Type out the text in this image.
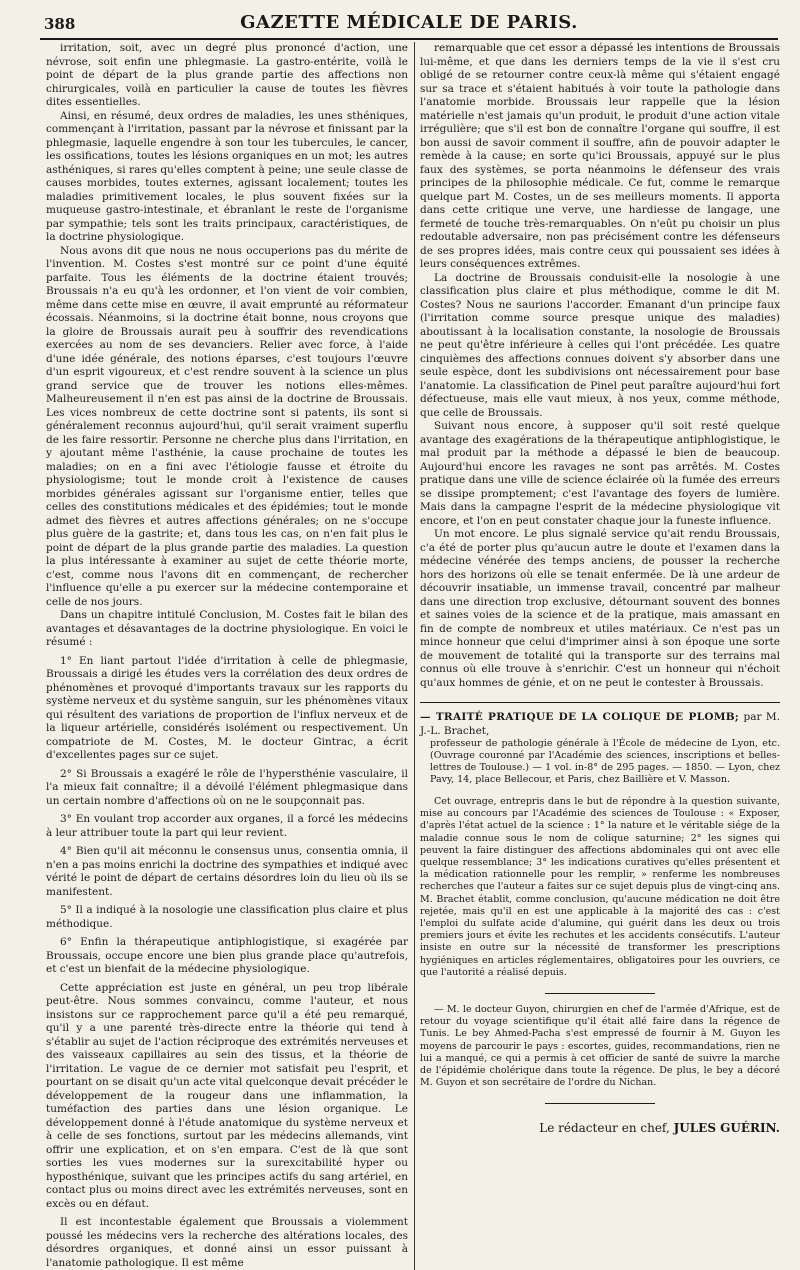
388	GAZETTE MÉDICALE DE PARIS.

irritation, soit, avec un degré plus prononcé d'action, une névrose, soit enfin une phlegmasie. La gastro-entérite, voilà le point de départ de la plus grande partie des affections non chirurgicales, voilà en particulier la cause de toutes les fièvres dites essentielles.

Ainsi, en résumé, deux ordres de maladies, les unes sthéniques, commençant à l'irritation, passant par la névrose et finissant par la phlegmasie, laquelle engendre à son tour les tubercules, le cancer, les ossifications, toutes les lésions organiques en un mot; les autres asthéniques, si rares qu'elles comptent à peine; une seule classe de causes morbides, toutes externes, agissant localement; toutes les maladies primitivement locales, le plus souvent fixées sur la muqueuse gastro-intestinale, et ébranlant le reste de l'organisme par sympathie; tels sont les traits principaux, caractéristiques, de la doctrine physiologique.

Nous avons dit que nous ne nous occuperions pas du mérite de l'invention. M. Costes s'est montré sur ce point d'une équité parfaite. Tous les éléments de la doctrine étaient trouvés; Broussais n'a eu qu'à les ordonner, et l'on vient de voir combien, même dans cette mise en œuvre, il avait emprunté au réformateur écossais. Néanmoins, si la doctrine était bonne, nous croyons que la gloire de Broussais aurait peu à souffrir des revendications exercées au nom de ses devanciers. Relier avec force, à l'aide d'une idée générale, des notions éparses, c'est toujours l'œuvre d'un esprit vigoureux, et c'est rendre souvent à la science un plus grand service que de trouver les notions elles-mêmes. Malheureusement il n'en est pas ainsi de la doctrine de Broussais. Les vices nombreux de cette doctrine sont si patents, ils sont si généralement reconnus aujourd'hui, qu'il serait vraiment superflu de les faire ressortir. Personne ne cherche plus dans l'irritation, en y ajoutant même l'asthénie, la cause prochaine de toutes les maladies; on en a fini avec l'étiologie fausse et étroite du physiologisme; tout le monde croit à l'existence de causes morbides générales agissant sur l'organisme entier, telles que celles des constitutions médicales et des épidémies; tout le monde admet des fièvres et autres affections générales; on ne s'occupe plus guère de la gastrite; et, dans tous les cas, on n'en fait plus le point de départ de la plus grande partie des maladies. La question la plus intéressante à examiner au sujet de cette théorie morte, c'est, comme nous l'avons dit en commençant, de rechercher l'influence qu'elle a pu exercer sur la médecine contemporaine et celle de nos jours.

Dans un chapitre intitulé Conclusion, M. Costes fait le bilan des avantages et désavantages de la doctrine physiologique. En voici le résumé :

1° En liant partout l'idée d'irritation à celle de phlegmasie, Broussais a dirigé les études vers la corrélation des deux ordres de phénomènes et provoqué d'importants travaux sur les rapports du système nerveux et du système sanguin, sur les phénomènes vitaux qui résultent des variations de proportion de l'influx nerveux et de la liqueur artérielle, considérés isolément ou respectivement. Un compatriote de M. Costes, M. le docteur Gintrac, a écrit d'excellentes pages sur ce sujet.

2° Si Broussais a exagéré le rôle de l'hypersthénie vasculaire, il l'a mieux fait connaître; il a dévoilé l'élément phlegmasique dans un certain nombre d'affections où on ne le soupçonnait pas.

3° En voulant trop accorder aux organes, il a forcé les médecins à leur attribuer toute la part qui leur revient.

4° Bien qu'il ait méconnu le consensus unus, consentia omnia, il n'en a pas moins enrichi la doctrine des sympathies et indiqué avec vérité le point de départ de certains désordres loin du lieu où ils se manifestent.

5° Il a indiqué à la nosologie une classification plus claire et plus méthodique.

6° Enfin la thérapeutique antiphlogistique, si exagérée par Broussais, occupe encore une bien plus grande place qu'autrefois, et c'est un bienfait de la médecine physiologique.

Cette appréciation est juste en général, un peu trop libérale peut-être. Nous sommes convaincu, comme l'auteur, et nous insistons sur ce rapprochement parce qu'il a été peu remarqué, qu'il y a une parenté très-directe entre la théorie qui tend à s'établir au sujet de l'action réciproque des extrémités nerveuses et des vaisseaux capillaires au sein des tissus, et la théorie de l'irritation. Le vague de ce dernier mot satisfait peu l'esprit, et pourtant on se disait qu'un acte vital quelconque devait précéder le développement de la rougeur dans une inflammation, la tuméfaction des parties dans une lésion organique. Le développement donné à l'étude anatomique du système nerveux et à celle de ses fonctions, surtout par les médecins allemands, vint offrir une explication, et on s'en empara. C'est de là que sont sorties les vues modernes sur la surexcitabilité hyper ou hyposthénique, suivant que les principes actifs du sang artériel, en contact plus ou moins direct avec les extrémités nerveuses, sont en excès ou en défaut.

Il est incontestable également que Broussais a violemment poussé les médecins vers la recherche des altérations locales, des désordres organiques, et donné ainsi un essor puissant à l'anatomie pathologique. Il est même

remarquable que cet essor a dépassé les intentions de Broussais lui-même, et que dans les derniers temps de la vie il s'est cru obligé de se retourner contre ceux-là même qui s'étaient engagé sur sa trace et s'étaient habitués à voir toute la pathologie dans l'anatomie morbide. Broussais leur rappelle que la lésion matérielle n'est jamais qu'un produit, le produit d'une action vitale irrégulière; que s'il est bon de connaître l'organe qui souffre, il est bon aussi de savoir comment il souffre, afin de pouvoir adapter le remède à la cause; en sorte qu'ici Broussais, appuyé sur le plus faux des systèmes, se porta néanmoins le défenseur des vrais principes de la philosophie médicale. Ce fut, comme le remarque quelque part M. Costes, un de ses meilleurs moments. Il apporta dans cette critique une verve, une hardiesse de langage, une fermeté de touche très-remarquables. On n'eût pu choisir un plus redoutable adversaire, non pas précisément contre les défenseurs de ses propres idées, mais contre ceux qui poussaient ses idées à leurs conséquences extrêmes.

La doctrine de Broussais conduisit-elle la nosologie à une classification plus claire et plus méthodique, comme le dit M. Costes? Nous ne saurions l'accorder. Emanant d'un principe faux (l'irritation comme source presque unique des maladies) aboutissant à la localisation constante, la nosologie de Broussais ne peut qu'être inférieure à celles qui l'ont précédée. Les quatre cinquièmes des affections connues doivent s'y absorber dans une seule espèce, dont les subdivisions ont nécessairement pour base l'anatomie. La classification de Pinel peut paraître aujourd'hui fort défectueuse, mais elle vaut mieux, à nos yeux, comme méthode, que celle de Broussais.

Suivant nous encore, à supposer qu'il soit resté quelque avantage des exagérations de la thérapeutique antiphlogistique, le mal produit par la méthode a dépassé le bien de beaucoup. Aujourd'hui encore les ravages ne sont pas arrêtés. M. Costes pratique dans une ville de science éclairée où la fumée des erreurs se dissipe promptement; c'est l'avantage des foyers de lumière. Mais dans la campagne l'esprit de la médecine physiologique vit encore, et l'on en peut constater chaque jour la funeste influence.

Un mot encore. Le plus signalé service qu'ait rendu Broussais, c'a été de porter plus qu'aucun autre le doute et l'examen dans la médecine vénérée des temps anciens, de pousser la recherche hors des horizons où elle se tenait enfermée. De là une ardeur de découvrir insatiable, un immense travail, concentré par malheur dans une direction trop exclusive, détournant souvent des bonnes et saines voies de la science et de la pratique, mais amassant en fin de compte de nombreux et utiles matériaux. Ce n'est pas un mince honneur que celui d'imprimer ainsi à son époque une sorte de mouvement de totalité qui la transporte sur des terrains mal connus où elle trouve à s'enrichir. C'est un honneur qui n'échoit qu'aux hommes de génie, et on ne peut le contester à Broussais.

— TRAITÉ PRATIQUE DE LA COLIQUE DE PLOMB; par M. J.-L. Brachet,

professeur de pathologie générale à l'École de médecine de Lyon, etc. (Ouvrage couronné par l'Académie des sciences, inscriptions et belles-lettres de Toulouse.) — 1 vol. in-8° de 295 pages. — 1850. — Lyon, chez Pavy, 14, place Bellecour, et Paris, chez Baillière et V. Masson.

Cet ouvrage, entrepris dans le but de répondre à la question suivante, mise au concours par l'Académie des sciences de Toulouse : « Exposer, d'après l'état actuel de la science : 1° la nature et le véritable siége de la maladie connue sous le nom de colique saturnine; 2° les signes qui peuvent la faire distinguer des affections abdominales qui ont avec elle quelque ressemblance; 3° les indications curatives qu'elles présentent et la médication rationnelle pour les remplir, » renferme les nombreuses recherches que l'auteur a faites sur ce sujet depuis plus de vingt-cinq ans. M. Brachet établit, comme conclusion, qu'aucune médication ne doit être rejetée, mais qu'il en est une applicable à la majorité des cas : c'est l'emploi du sulfate acide d'alumine, qui guérit dans les deux ou trois premiers jours et évite les rechutes et les accidents consécutifs. L'auteur insiste en outre sur la nécessité de transformer les prescriptions hygiéniques en articles réglementaires, obligatoires pour les ouvriers, ce que l'autorité a réalisé depuis.

— M. le docteur Guyon, chirurgien en chef de l'armée d'Afrique, est de retour du voyage scientifique qu'il était allé faire dans la régence de Tunis. Le bey Ahmed-Pacha s'est empressé de fournir à M. Guyon les moyens de parcourir le pays : escortes, guides, recommandations, rien ne lui a manqué, ce qui a permis à cet officier de santé de suivre la marche de l'épidémie cholérique dans toute la régence. De plus, le bey a décoré M. Guyon et son secrétaire de l'ordre du Nichan.

Le rédacteur en chef, JULES GUÉRIN.
